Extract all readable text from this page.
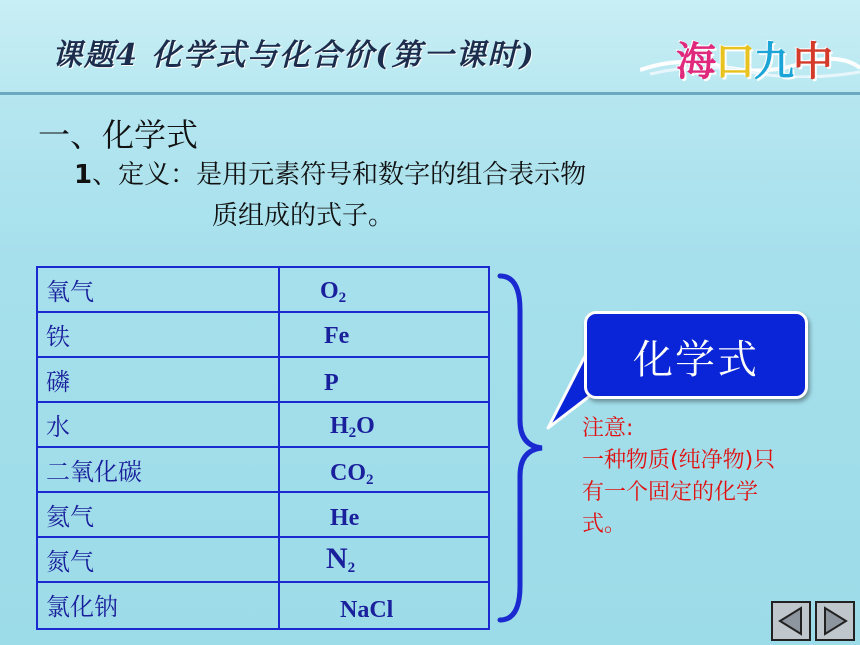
课题4 化学式与化合价(第一课时)	海口九中
一、化学式
1、定义：是用元素符号和数字的组合表示物
质组成的式子。
氧气	$O_2$
铁	Fe
磷	P
水	$H_2O$
二氧化碳	$CO_2$
氦气	He
氮气	$N_2$
氯化钠	NaCl
化学式
注意:
一种物质(纯净物)只有一个固定的化学式。
